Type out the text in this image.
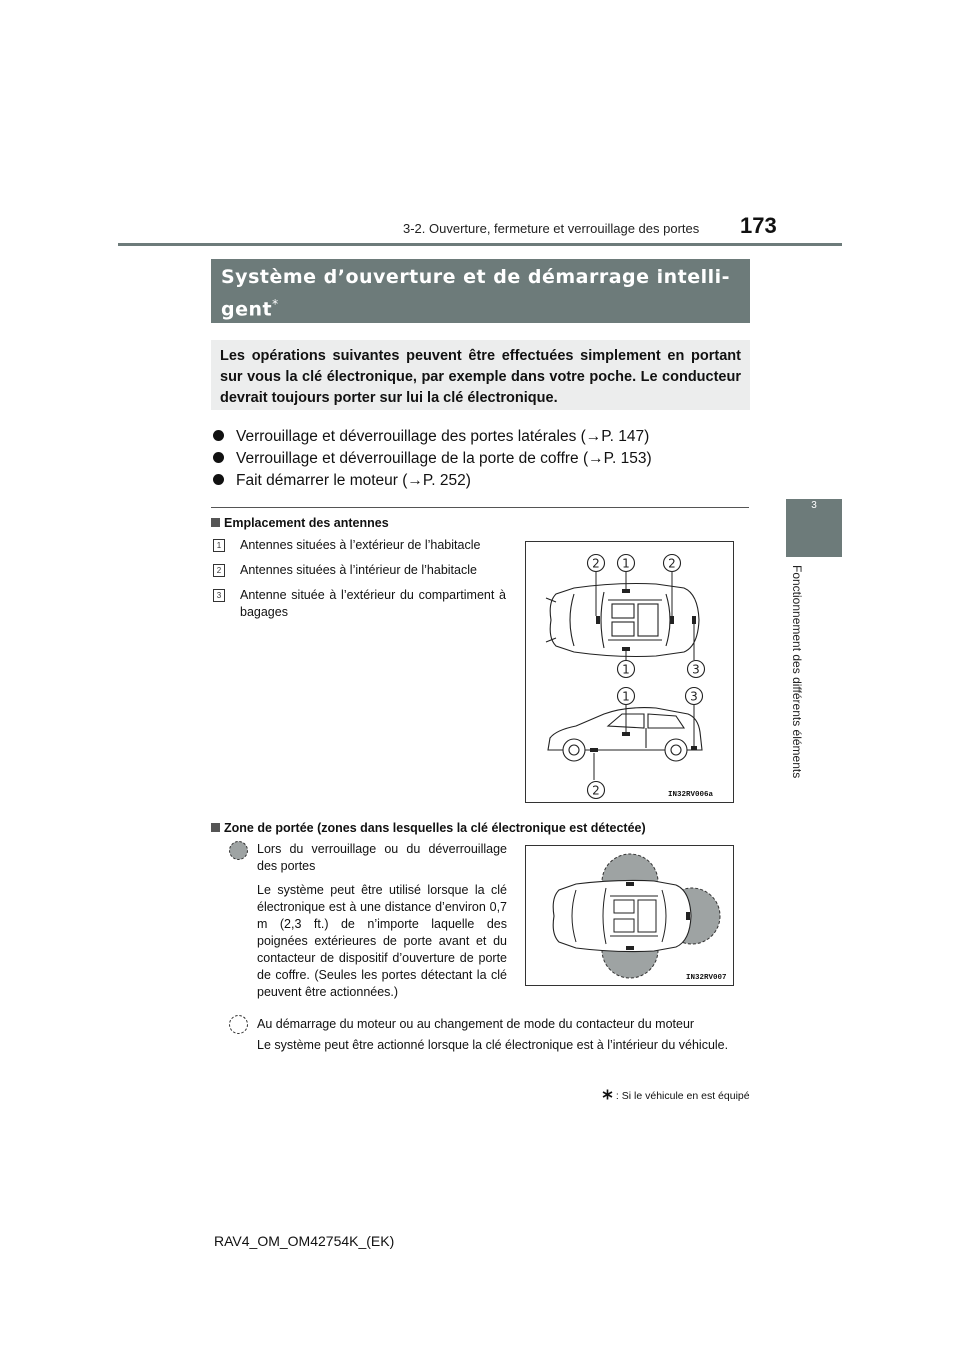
3-2. Ouverture, fermeture et verrouillage des portes 173
3
Fonctionnement des différents éléments
Système d’ouverture et de démarrage intelli-
gent*
Les opérations suivantes peuvent être effectuées simplement en portant sur vous la clé électronique, par exemple dans votre poche. Le conducteur devrait toujours porter sur lui la clé électronique.
Verrouillage et déverrouillage des portes latérales (→P. 147)
Verrouillage et déverrouillage de la porte de coffre (→P. 153)
Fait démarrer le moteur (→P. 252)
Emplacement des antennes
1	Antennes situées à l’extérieur de l’habitacle
2	Antennes situées à l’intérieur de l’habitacle
3	Antenne située à l’extérieur du compartiment à bagages
2 1	2
1	3
1	3
2	IN32RV006a
Zone de portée (zones dans lesquelles la clé électronique est détectée)
Lors du verrouillage ou du déverrouillage des portes
Le système peut être utilisé lorsque la clé électronique est à une distance d’environ 0,7 m (2,3 ft.) de n’importe laquelle des poignées extérieures de porte avant et du contacteur de dispositif d’ouverture de porte de coffre. (Seules les portes détectant la clé peuvent être actionnées.)
IN32RV007
Au démarrage du moteur ou au changement de mode du contacteur du moteur
Le système peut être actionné lorsque la clé électronique est à l’intérieur du véhicule.
: Si le véhicule en est équipé
RAV4_OM_OM42754K_(EK)
